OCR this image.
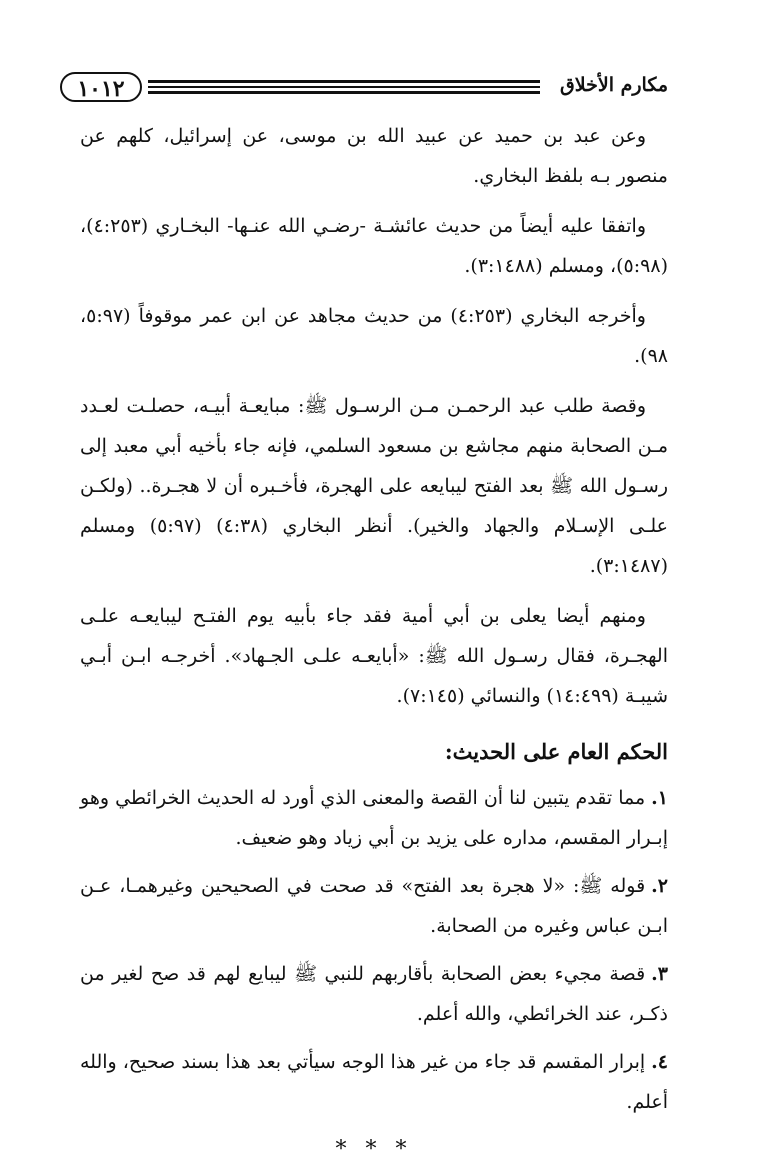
١٠١٢	مكارم الأخلاق

وعن عبد بن حميد عن عبيد الله بن موسى، عن إسرائيل، كلهم عن منصور بـه بلفظ البخاري.

واتفقا عليه أيضاً من حديث عائشـة -رضـي الله عنـها- البخـاري (٤:٢٥٣)، (٥:٩٨)، ومسلم (٣:١٤٨٨).

وأخرجه البخاري (٤:٢٥٣) من حديث مجاهد عن ابن عمر موقوفاً (٥:٩٧، ٩٨).

وقصة طلب عبد الرحمـن مـن الرسـول ﷺ: مبايعـة أبيـه، حصلـت لعـدد مـن الصحابة منهم مجاشع بن مسعود السلمي، فإنه جاء بأخيه أبي معبد إلى رسـول الله ﷺ بعد الفتح ليبايعه على الهجرة، فأخـبره أن لا هجـرة.. (ولكـن علـى الإسـلام والجهاد والخير). أنظر البخاري (٤:٣٨) (٥:٩٧) ومسلم (٣:١٤٨٧).

ومنهم أيضا يعلى بن أبي أمية فقد جاء بأبيه يوم الفتـح ليبايعـه علـى الهجـرة، فقال رسـول الله ﷺ: «أبايعـه علـى الجـهاد». أخرجـه ابـن أبـي شيبـة (١٤:٤٩٩) والنسائي (٧:١٤٥).

الحكم العام على الحديث:
١.مما تقدم يتبين لنا أن القصة والمعنى الذي أورد له الحديث الخرائطي وهو إبـرار المقسم، مداره على يزيد بن أبي زياد وهو ضعيف.
٢.قوله ﷺ: «لا هجرة بعد الفتح» قد صحت في الصحيحين وغيرهمـا، عـن ابـن عباس وغيره من الصحابة.
٣.قصة مجيء بعض الصحابة بأقاربهم للنبي ﷺ ليبايع لهم قد صح لغير من ذكـر، عند الخرائطي، والله أعلم.
٤.إبرار المقسم قد جاء من غير هذا الوجه سيأتي بعد هذا بسند صحيح، والله أعلم.
* * *
